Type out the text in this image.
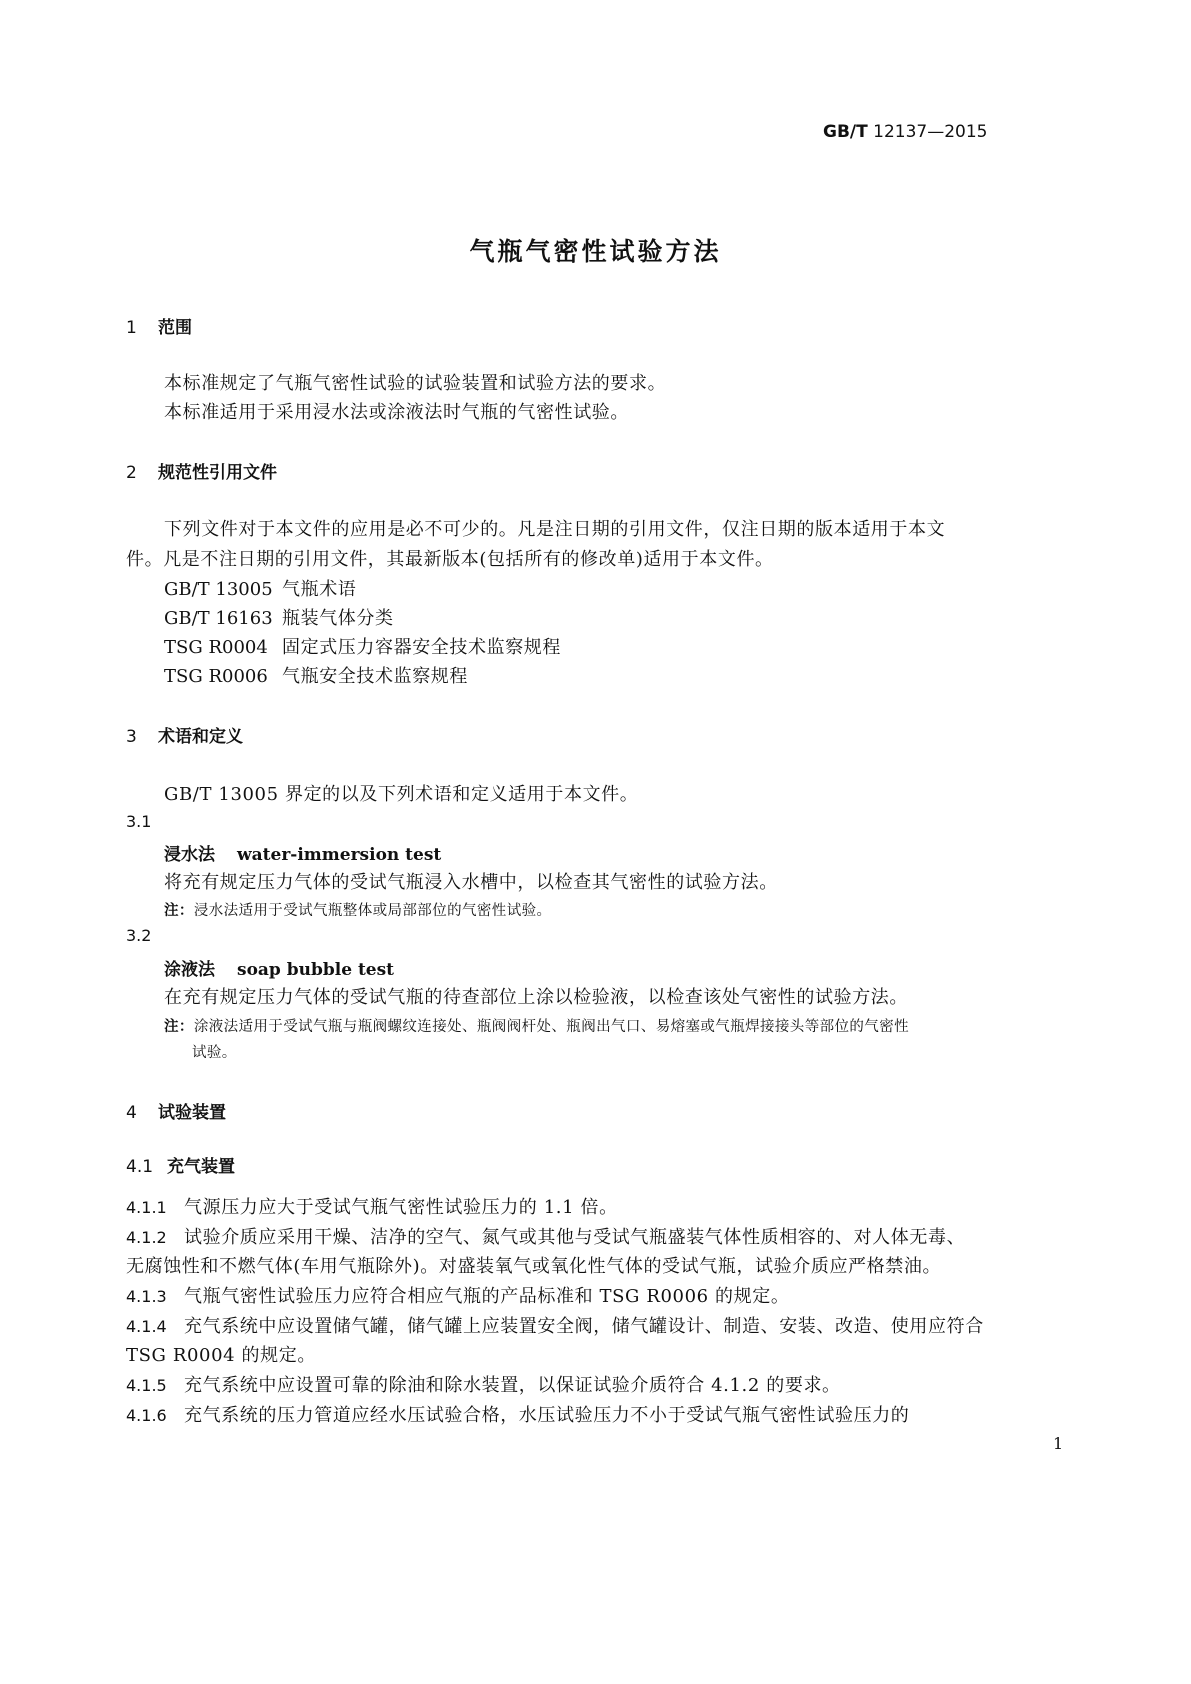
GB/T 12137—2015
气瓶气密性试验方法
1 范围
本标准规定了气瓶气密性试验的试验装置和试验方法的要求。
本标准适用于采用浸水法或涂液法时气瓶的气密性试验。
2 规范性引用文件
下列文件对于本文件的应用是必不可少的。凡是注日期的引用文件，仅注日期的版本适用于本文
件。凡是不注日期的引用文件，其最新版本(包括所有的修改单)适用于本文件。
GB/T 13005 气瓶术语
GB/T 16163 瓶装气体分类
TSG R0004 固定式压力容器安全技术监察规程
TSG R0006 气瓶安全技术监察规程
3 术语和定义
GB/T 13005 界定的以及下列术语和定义适用于本文件。
3.1
浸水法 water-immersion test
将充有规定压力气体的受试气瓶浸入水槽中，以检查其气密性的试验方法。
注：浸水法适用于受试气瓶整体或局部部位的气密性试验。
3.2
涂液法 soap bubble test
在充有规定压力气体的受试气瓶的待查部位上涂以检验液，以检查该处气密性的试验方法。
注：涂液法适用于受试气瓶与瓶阀螺纹连接处、瓶阀阀杆处、瓶阀出气口、易熔塞或气瓶焊接接头等部位的气密性
试验。
4 试验装置
4.1 充气装置
4.1.1 气源压力应大于受试气瓶气密性试验压力的 1.1 倍。
4.1.2 试验介质应采用干燥、洁净的空气、氮气或其他与受试气瓶盛装气体性质相容的、对人体无毒、
无腐蚀性和不燃气体(车用气瓶除外)。对盛装氧气或氧化性气体的受试气瓶，试验介质应严格禁油。
4.1.3 气瓶气密性试验压力应符合相应气瓶的产品标准和 TSG R0006 的规定。
4.1.4 充气系统中应设置储气罐，储气罐上应装置安全阀，储气罐设计、制造、安装、改造、使用应符合
TSG R0004 的规定。
4.1.5 充气系统中应设置可靠的除油和除水装置，以保证试验介质符合 4.1.2 的要求。
4.1.6 充气系统的压力管道应经水压试验合格，水压试验压力不小于受试气瓶气密性试验压力的
1
